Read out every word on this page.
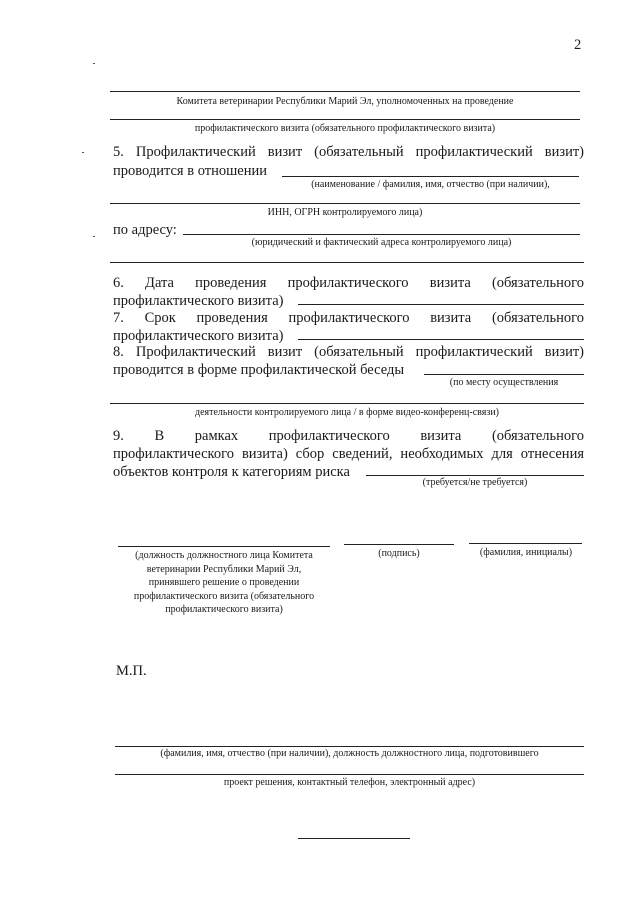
2
Комитета ветеринарии Республики Марий Эл, уполномоченных на проведение
профилактического визита (обязательного профилактического визита)
5. Профилактический визит (обязательный профилактический визит)
проводится в отношении
(наименование / фамилия, имя, отчество (при наличии),
ИНН, ОГРН контролируемого лица)
по адресу:
(юридический и фактический адреса контролируемого лица)
6. Дата проведения профилактического визита (обязательного
профилактического визита)
7. Срок проведения профилактического визита (обязательного
профилактического визита)
8. Профилактический визит (обязательный профилактический визит)
проводится в форме профилактической беседы
(по месту осуществления
деятельности контролируемого лица / в форме видео-конференц-связи)
9. В рамках профилактического визита (обязательного
профилактического визита) сбор сведений, необходимых для отнесения
объектов контроля к категориям риска
(требуется/не требуется)
(должность должностного лица Комитета
ветеринарии Республики Марий Эл,
принявшего решение о проведении
профилактического визита (обязательного
профилактического визита)
(подпись)	(фамилия, инициалы)
М.П.
(фамилия, имя, отчество (при наличии), должность должностного лица, подготовившего
проект решения, контактный телефон, электронный адрес)
